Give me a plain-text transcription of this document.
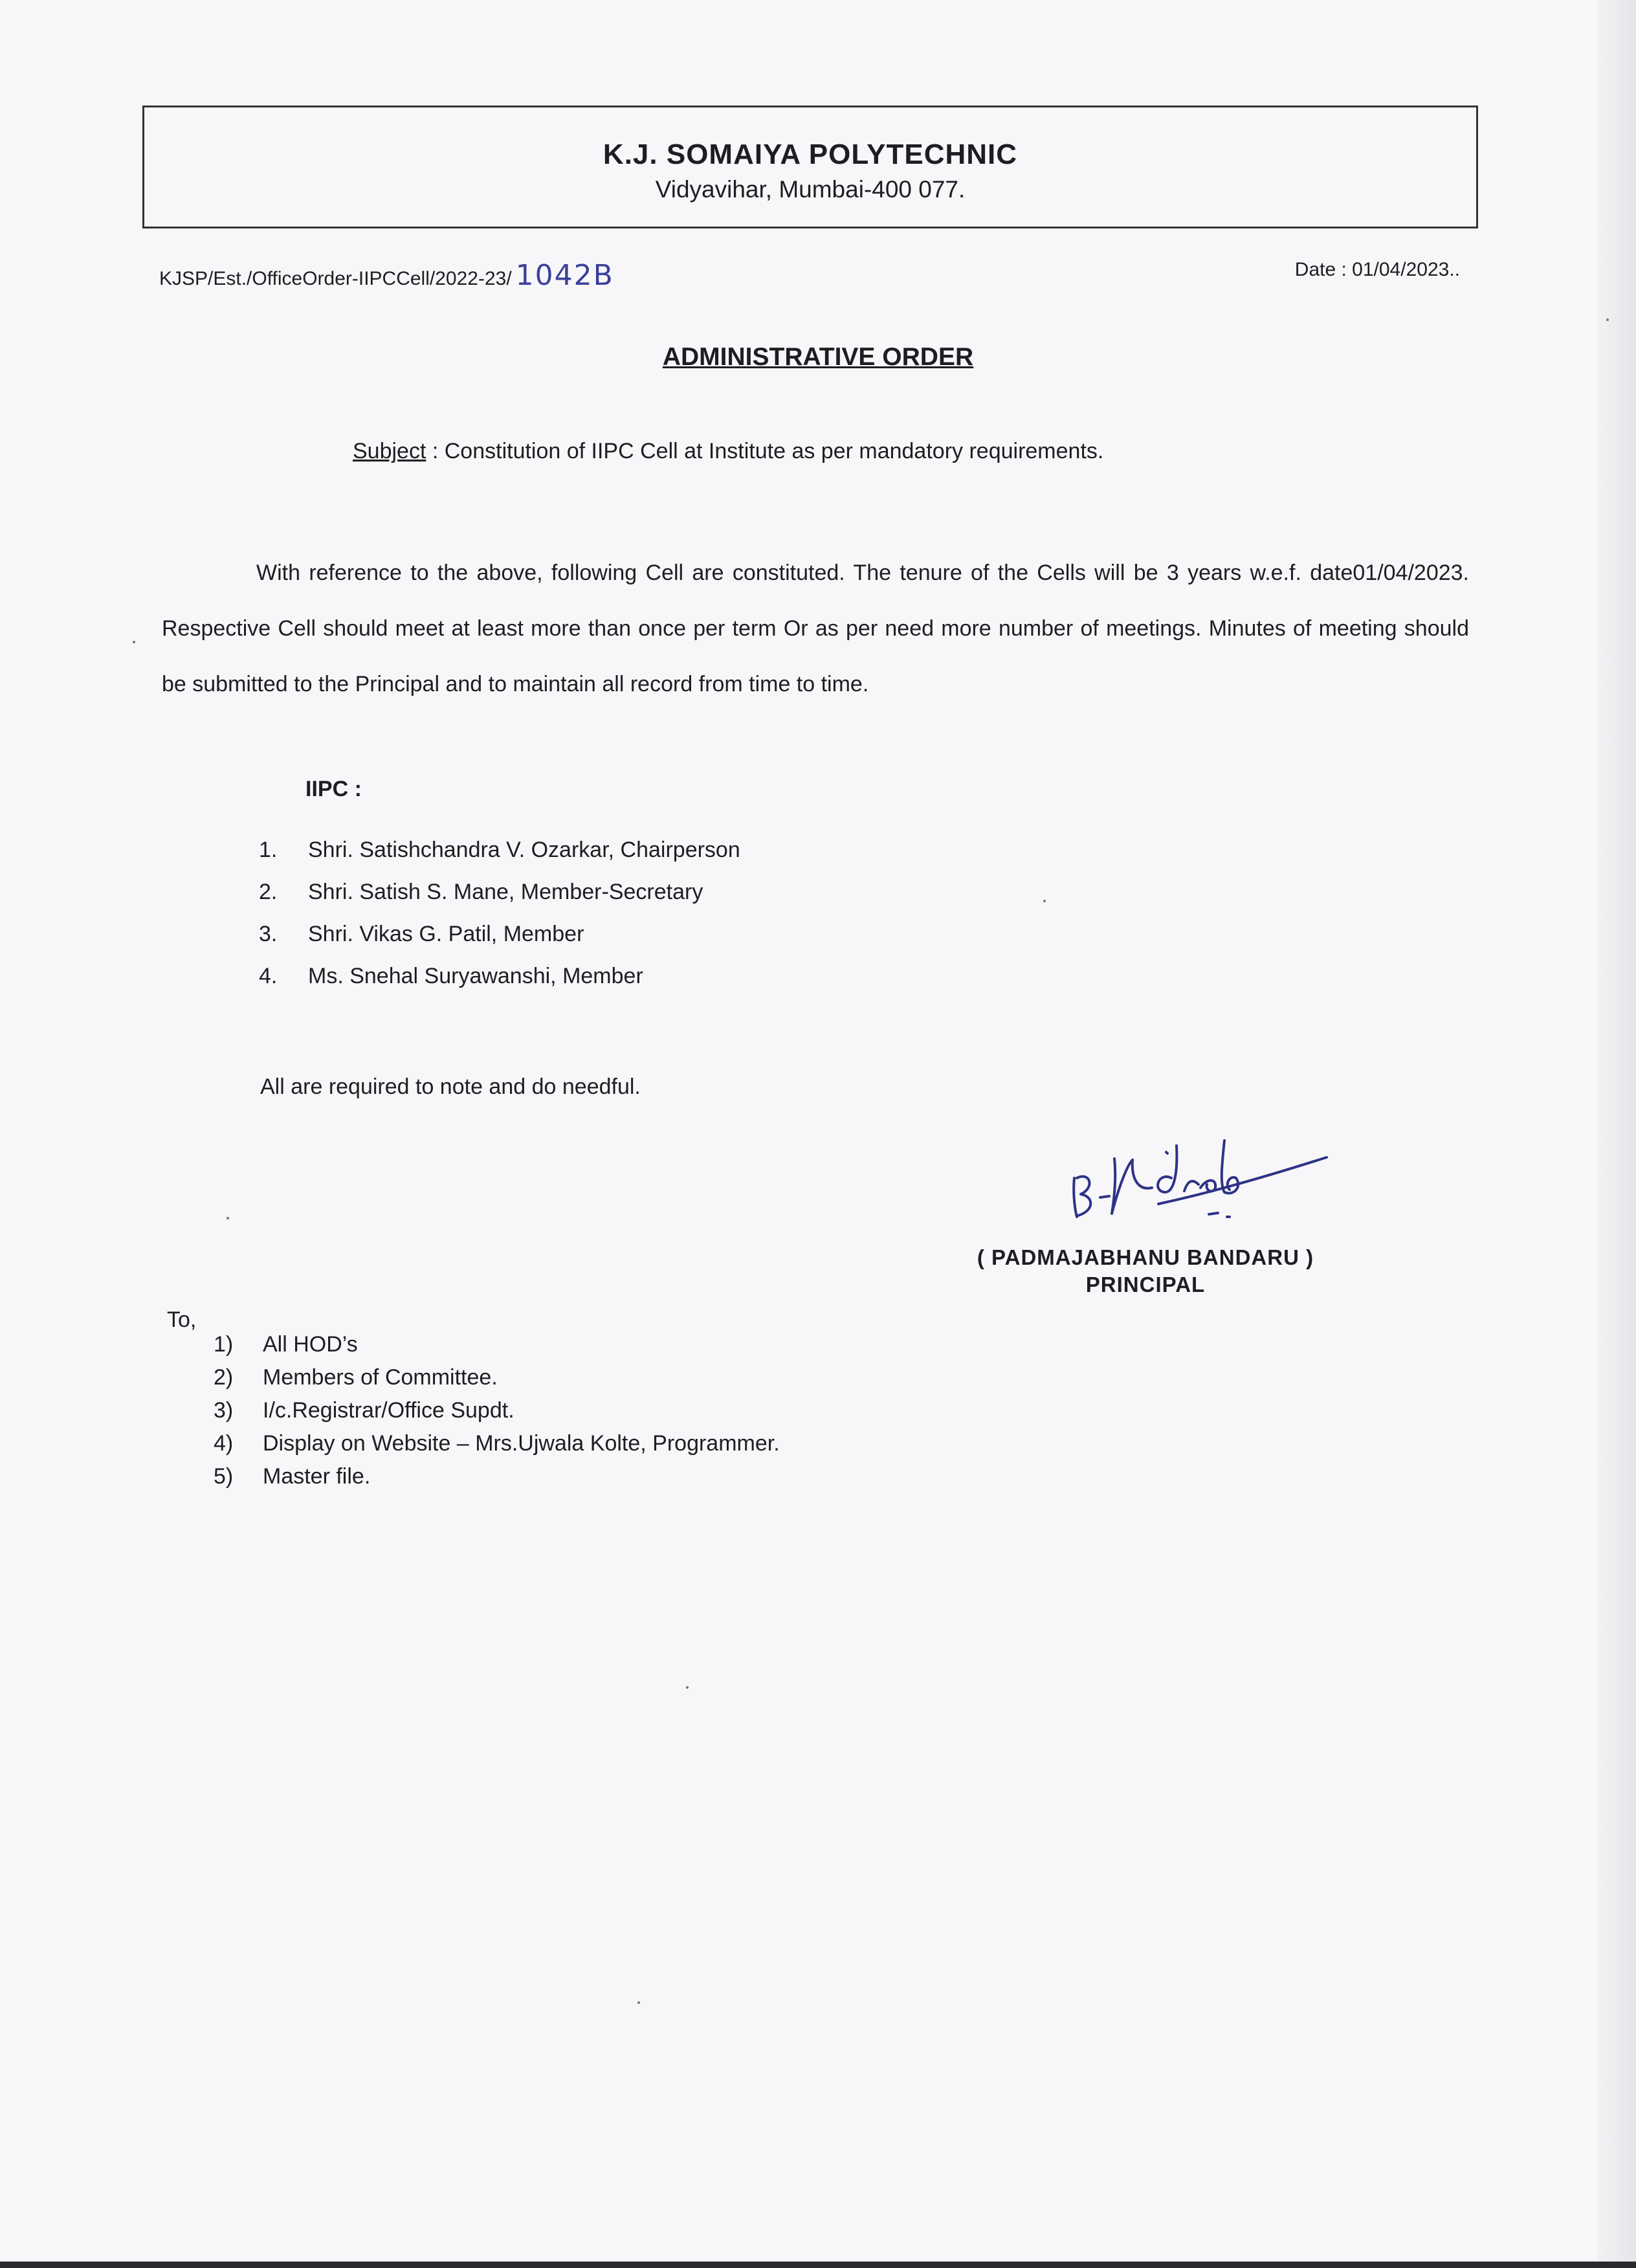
K.J. SOMAIYA POLYTECHNIC
Vidyavihar, Mumbai-400 077.
KJSP/Est./OfficeOrder-IIPCCell/2022-23/ 1042B	Date : 01/04/2023..
ADMINISTRATIVE ORDER
Subject : Constitution of IIPC Cell at Institute as per mandatory requirements.
With reference to the above, following Cell are constituted. The tenure of the Cells will be 3 years w.e.f. date01/04/2023. Respective Cell should meet at least more than once per term Or as per need more number of meetings. Minutes of meeting should be submitted to the Principal and to maintain all record from time to time.
IIPC :
1.	Shri. Satishchandra V. Ozarkar, Chairperson
2.	Shri. Satish S. Mane, Member-Secretary
3.	Shri. Vikas G. Patil, Member
4.	Ms. Snehal Suryawanshi, Member
All are required to note and do needful.
( PADMAJABHANU BANDARU )
PRINCIPAL
To,
1)	All HOD’s
2)	Members of Committee.
3)	I/c.Registrar/Office Supdt.
4)	Display on Website – Mrs.Ujwala Kolte, Programmer.
5)	Master file.
